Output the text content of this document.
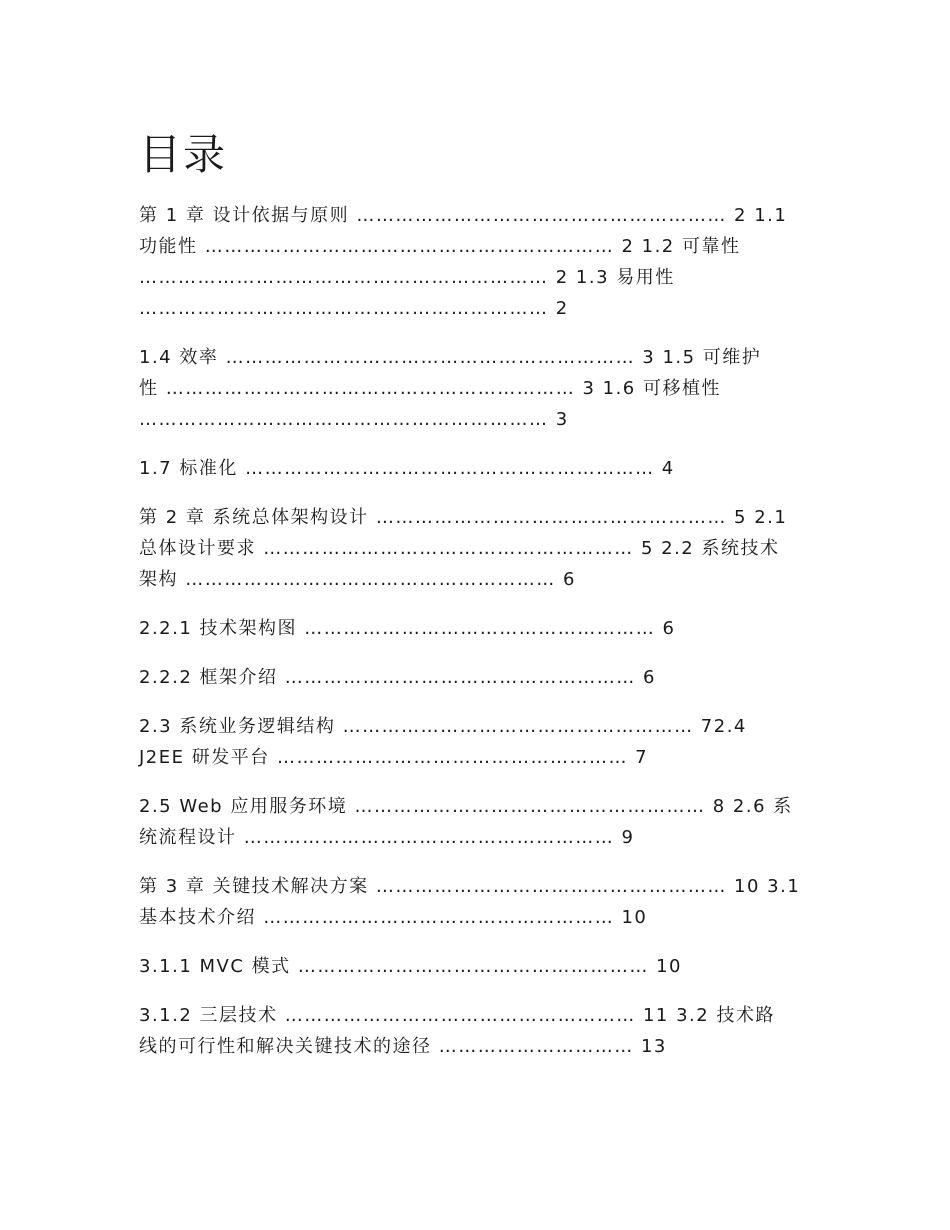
目录
第 1 章 设计依据与原则 ………………………………………………… 2 1.1
功能性 ……………………………………………………… 2 1.2 可靠性
……………………………………………………… 2 1.3 易用性
……………………………………………………… 2
1.4 效率 ……………………………………………………… 3 1.5 可维护
性 ……………………………………………………… 3 1.6 可移植性
……………………………………………………… 3
1.7 标准化 ……………………………………………………… 4
第 2 章 系统总体架构设计 ……………………………………………… 5 2.1
总体设计要求 ………………………………………………… 5 2.2 系统技术
架构 ………………………………………………… 6
2.2.1 技术架构图 ……………………………………………… 6
2.2.2 框架介绍 ……………………………………………… 6
2.3 系统业务逻辑结构 ……………………………………………… 72.4
J2EE 研发平台 ……………………………………………… 7
2.5 Web 应用服务环境 ……………………………………………… 8 2.6 系
统流程设计 ………………………………………………… 9
第 3 章 关键技术解决方案 ……………………………………………… 10 3.1
基本技术介绍 ……………………………………………… 10
3.1.1 MVC 模式 ……………………………………………… 10
3.1.2 三层技术 ……………………………………………… 11 3.2 技术路
线的可行性和解决关键技术的途径 ………………………… 13
